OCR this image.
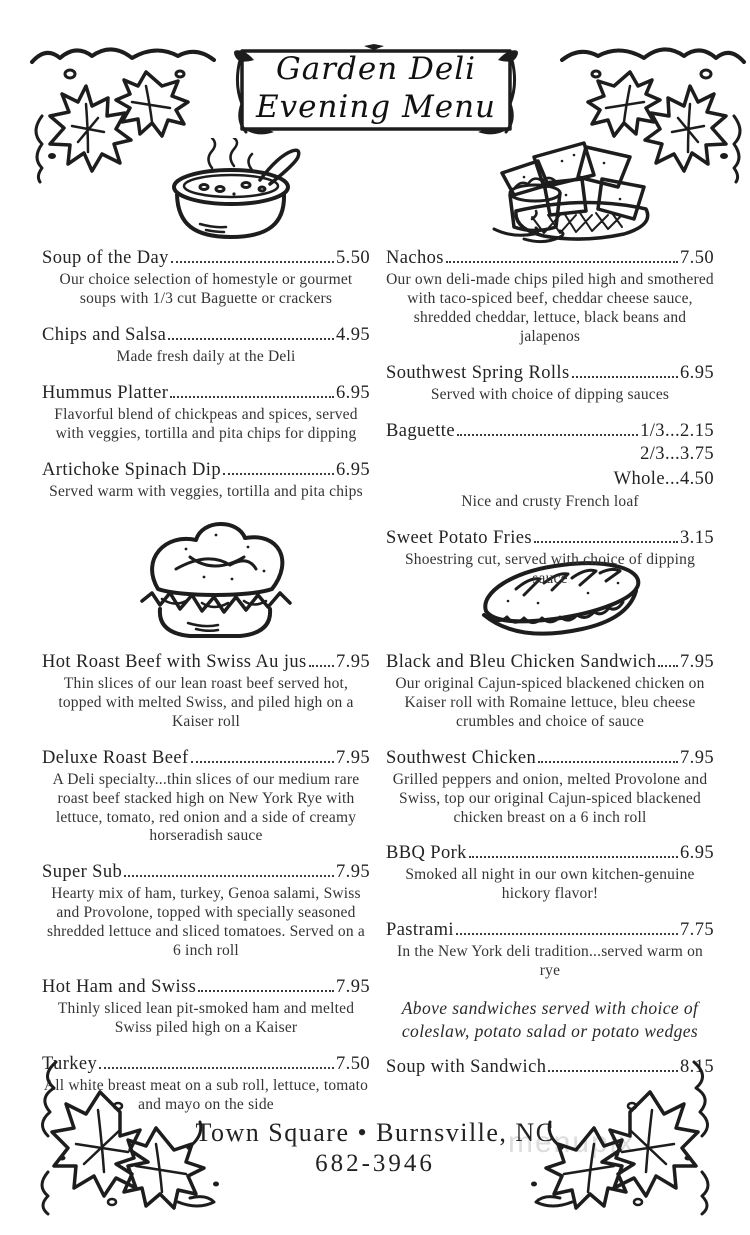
Garden Deli
Evening Menu
Soup of the Day	5.50
Our choice selection of homestyle or gourmet soups with 1/3 cut Baguette or crackers
Chips and Salsa	4.95
Made fresh daily at the Deli
Hummus Platter	6.95
Flavorful blend of chickpeas and spices, served with veggies, tortilla and pita chips for dipping
Artichoke Spinach Dip	6.95
Served warm with veggies, tortilla and pita chips
Nachos	7.50
Our own deli-made chips piled high and smothered with taco-spiced beef, cheddar cheese sauce, shredded cheddar, lettuce, black beans and jalapenos
Southwest Spring Rolls	6.95
Served with choice of dipping sauces
Baguette	1/3...2.15
2/3...3.75
Whole...4.50
Nice and crusty French loaf
Sweet Potato Fries	3.15
Shoestring cut, served with choice of dipping sauce
Hot Roast Beef with Swiss Au jus 7.95
Thin slices of our lean roast beef served hot, topped with melted Swiss, and piled high on a Kaiser roll
Deluxe Roast Beef	7.95
A Deli specialty...thin slices of our medium rare roast beef stacked high on New York Rye with lettuce, tomato, red onion and a side of creamy horseradish sauce
Super Sub	7.95
Hearty mix of ham, turkey, Genoa salami, Swiss and Provolone, topped with specially seasoned shredded lettuce and sliced tomatoes. Served on a 6 inch roll
Hot Ham and Swiss	7.95
Thinly sliced lean pit-smoked ham and melted Swiss piled high on a Kaiser
Turkey	7.50
All white breast meat on a sub roll, lettuce, tomato and mayo on the side
Black and Bleu Chicken Sandwich 7.95
Our original Cajun-spiced blackened chicken on Kaiser roll with Romaine lettuce, bleu cheese crumbles and choice of sauce
Southwest Chicken	7.95
Grilled peppers and onion, melted Provolone and Swiss, top our original Cajun-spiced blackened chicken breast on a 6 inch roll
BBQ Pork	6.95
Smoked all night in our own kitchen-genuine hickory flavor!
Pastrami	7.75
In the New York deli tradition...served warm on rye
Above sandwiches served with choice of coleslaw, potato salad or potato wedges
Soup with Sandwich	8.15
menupix
Town Square • Burnsville, NC
682-3946
